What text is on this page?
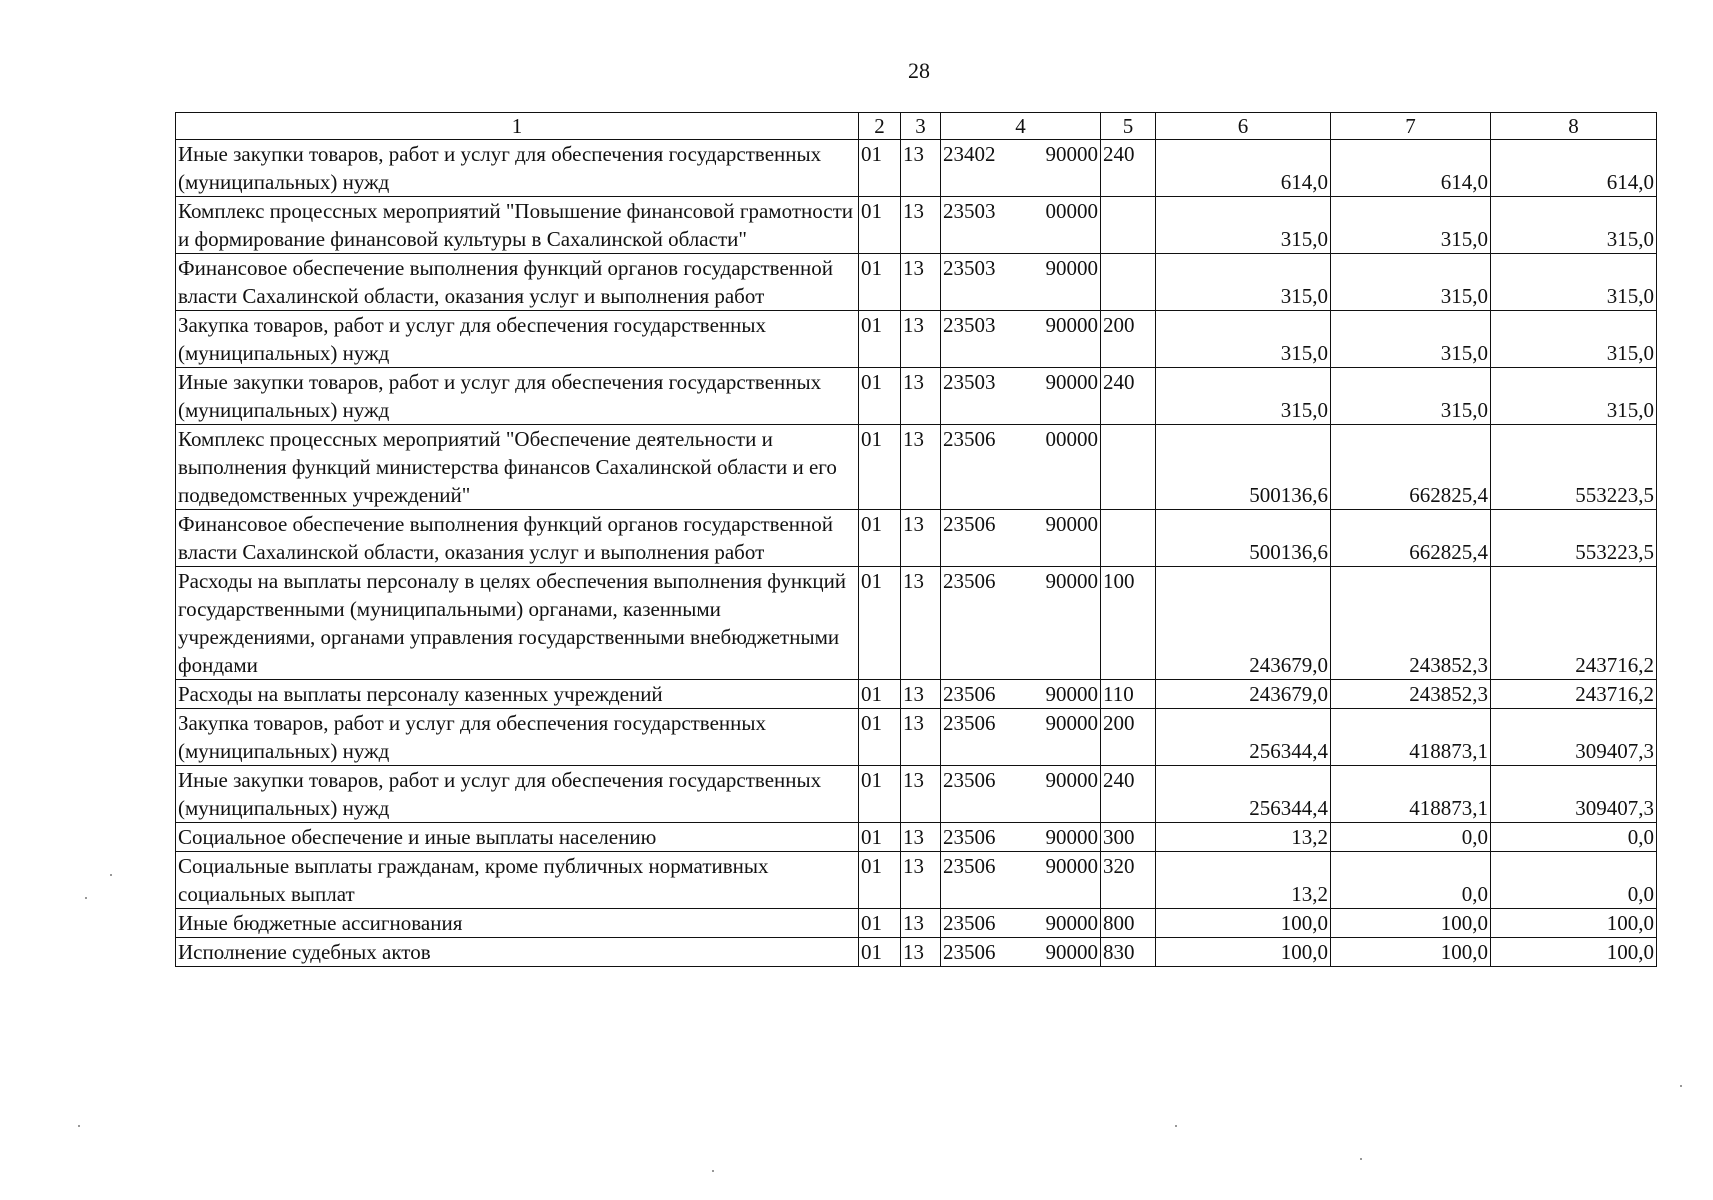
28
1	2	3	4	5	6	7	8
Иные закупки товаров, работ и услуг для обеспечения государственных (муниципальных) нужд	01	13	23402 90000	240	614,0	614,0	614,0
Комплекс процессных мероприятий "Повышение финансовой грамотности и формирование финансовой культуры в Сахалинской области"	01	13	23503 00000		315,0	315,0	315,0
Финансовое обеспечение выполнения функций органов государственной власти Сахалинской области, оказания услуг и выполнения работ	01	13	23503 90000		315,0	315,0	315,0
Закупка товаров, работ и услуг для обеспечения государственных (муниципальных) нужд	01	13	23503 90000	200	315,0	315,0	315,0
Иные закупки товаров, работ и услуг для обеспечения государственных (муниципальных) нужд	01	13	23503 90000	240	315,0	315,0	315,0
Комплекс процессных мероприятий "Обеспечение деятельности и выполнения функций министерства финансов Сахалинской области и его подведомственных учреждений"	01	13	23506 00000		500136,6	662825,4	553223,5
Финансовое обеспечение выполнения функций органов государственной власти Сахалинской области, оказания услуг и выполнения работ	01	13	23506 90000		500136,6	662825,4	553223,5
Расходы на выплаты персоналу в целях обеспечения выполнения функций государственными (муниципальными) органами, казенными учреждениями, органами управления государственными внебюджетными фондами	01	13	23506 90000	100	243679,0	243852,3	243716,2
Расходы на выплаты персоналу казенных учреждений	01	13	23506 90000	110	243679,0	243852,3	243716,2
Закупка товаров, работ и услуг для обеспечения государственных (муниципальных) нужд	01	13	23506 90000	200	256344,4	418873,1	309407,3
Иные закупки товаров, работ и услуг для обеспечения государственных (муниципальных) нужд	01	13	23506 90000	240	256344,4	418873,1	309407,3
Социальное обеспечение и иные выплаты населению	01	13	23506 90000	300	13,2	0,0	0,0
Социальные выплаты гражданам, кроме публичных нормативных социальных выплат	01	13	23506 90000	320	13,2	0,0	0,0
Иные бюджетные ассигнования	01	13	23506 90000	800	100,0	100,0	100,0
Исполнение судебных актов	01	13	23506 90000	830	100,0	100,0	100,0
